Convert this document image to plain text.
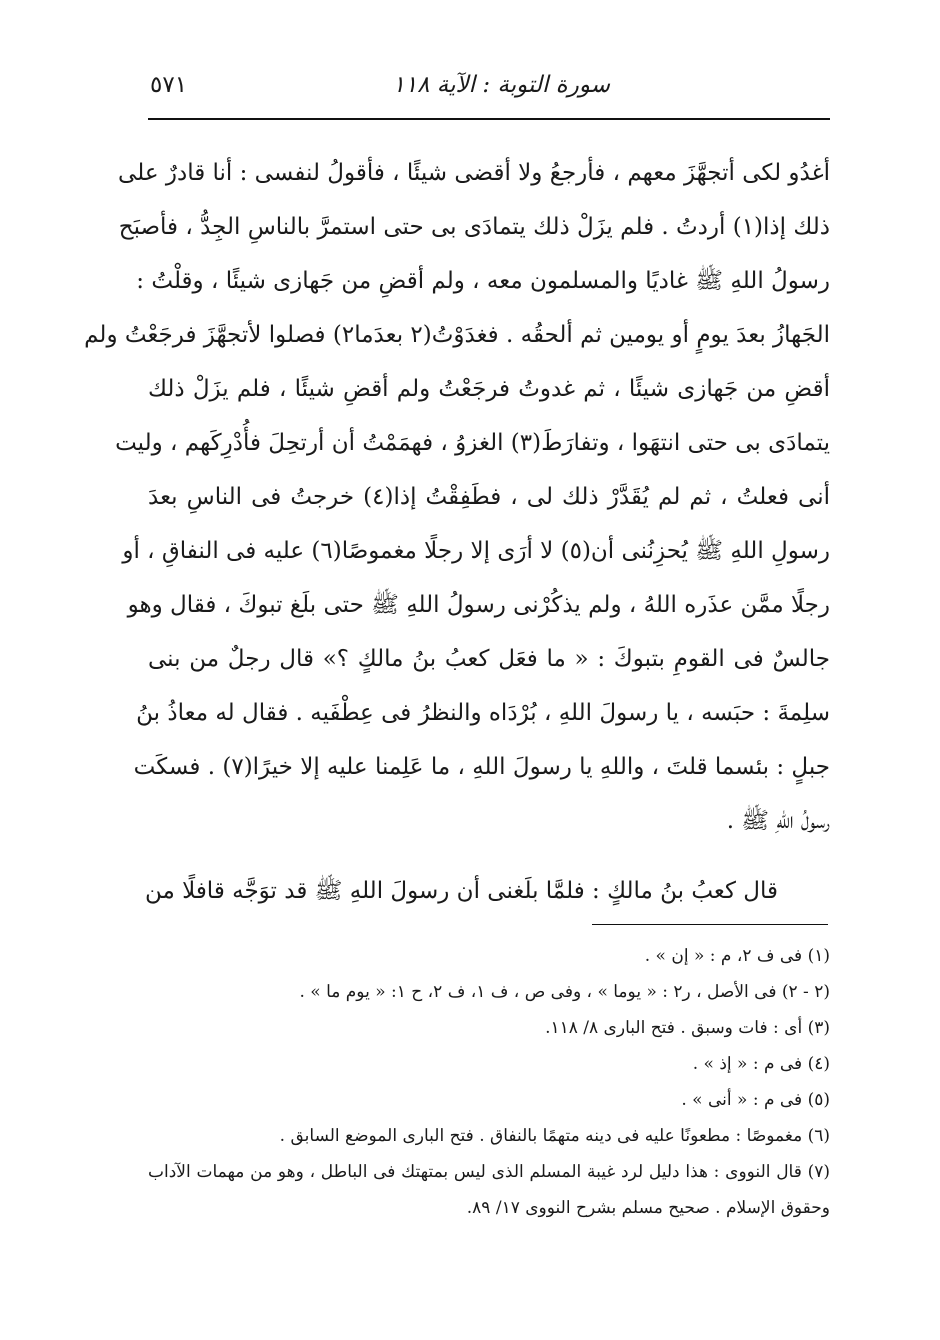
سورة التوبة : الآية ١١٨
٥٧١
أغدُو لكى أتجهَّزَ معهم ، فأرجعُ ولا أقضى شيئًا ، فأقولُ لنفسى : أنا قادرٌ على
ذلك إذا(١) أردتُ . فلم يزَلْ ذلك يتمادَى بى حتى استمرَّ بالناسِ الجِدُّ ، فأصبَح
رسولُ اللهِ ﷺ غاديًا والمسلمون معه ، ولم أقضِ من جَهازى شيئًا ، وقلْتُ :
الجَهازُ بعدَ يومٍ أو يومين ثم ألحقُه . فغدَوْتُ(٢ بعدَما٢) فصلوا لأتجهَّزَ فرجَعْتُ ولم
أقضِ من جَهازى شيئًا ، ثم غدوتُ فرجَعْتُ ولم أقضِ شيئًا ، فلم يزَلْ ذلك
يتمادَى بى حتى انتهَوا ، وتفارَطَ(٣) الغزوُ ، فهمَمْتُ أن أرتحِلَ فأُدْرِكَهم ، وليت
أنى فعلتُ ، ثم لم يُقَدَّرْ ذلك لى ، فطَفِقْتُ إذا(٤) خرجتُ فى الناسِ بعدَ
رسولِ اللهِ ﷺ يُحزِنُنى أن(٥) لا أرَى إلا رجلًا مغموصًا(٦) عليه فى النفاقِ ، أو
رجلًا ممَّن عذَره اللهُ ، ولم يذكُرْنى رسولُ اللهِ ﷺ حتى بلَغ تبوكَ ، فقال وهو
جالسٌ فى القومِ بتبوكَ : « ما فعَل كعبُ بنُ مالكٍ ؟» قال رجلٌ من بنى
سلِمةَ : حبَسه ، يا رسولَ اللهِ ، بُرْدَاه والنظرُ فى عِطْفَيه . فقال له معاذُ بنُ
جبلٍ : بئسما قلتَ ، واللهِ يا رسولَ اللهِ ، ما عَلِمنا عليه إلا خيرًا(٧) . فسكَت
رسولُ اللهِ ﷺ .
قال كعبُ بنُ مالكٍ : فلمَّا بلَغنى أن رسولَ اللهِ ﷺ قد توَجَّه قافلًا من
(١) فى ف ٢، م : « إن » .
(٢ - ٢) فى الأصل ، ر٢ : « يوما » ، وفى ص ، ف ١، ف ٢، ح ١: « يوم ما » .
(٣) أى : فات وسبق . فتح البارى ٨/ ١١٨.
(٤) فى م : « إذ » .
(٥) فى م : « أنى » .
(٦) مغموصًا : مطعونًا عليه فى دينه متهمًا بالنفاق . فتح البارى الموضع السابق .
(٧) قال النووى : هذا دليل لرد غيبة المسلم الذى ليس بمتهتك فى الباطل ، وهو من مهمات الآداب
وحقوق الإسلام . صحيح مسلم بشرح النووى ١٧/ ٨٩.
